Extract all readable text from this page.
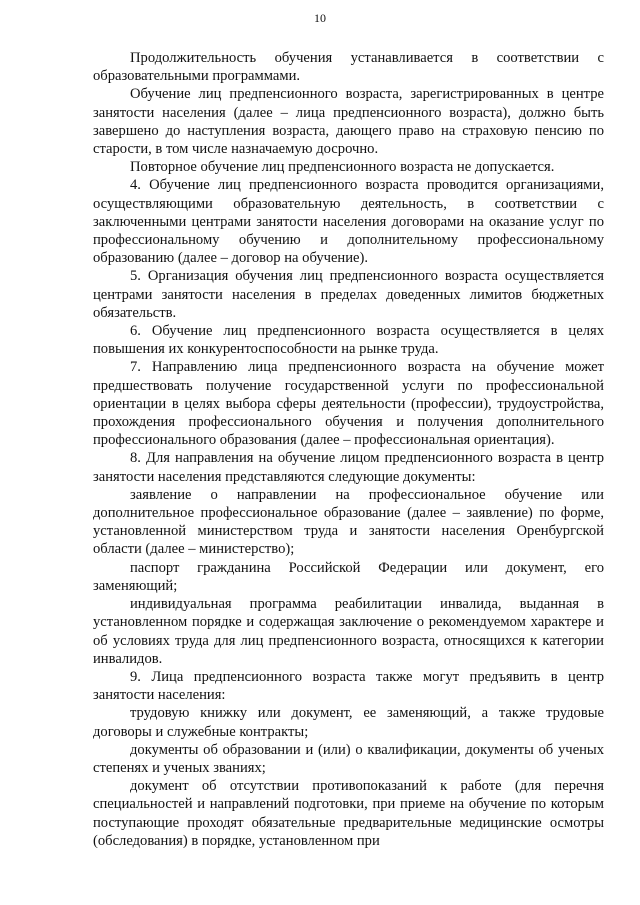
10

Продолжительность обучения устанавливается в соответствии с образовательными программами.

Обучение лиц предпенсионного возраста, зарегистрированных в центре занятости населения (далее – лица предпенсионного возраста), должно быть завершено до наступления возраста, дающего право на страховую пенсию по старости, в том числе назначаемую досрочно.

Повторное обучение лиц предпенсионного возраста не допускается.

4. Обучение лиц предпенсионного возраста проводится организациями, осуществляющими образовательную деятельность, в соответствии с заключенными центрами занятости населения договорами на оказание услуг по профессиональному обучению и дополнительному профессиональному образованию (далее – договор на обучение).

5. Организация обучения лиц предпенсионного возраста осуществляется центрами занятости населения в пределах доведенных лимитов бюджетных обязательств.

6. Обучение лиц предпенсионного возраста осуществляется в целях повышения их конкурентоспособности на рынке труда.

7. Направлению лица предпенсионного возраста на обучение может предшествовать получение государственной услуги по профессиональной ориентации в целях выбора сферы деятельности (профессии), трудоустройства, прохождения профессионального обучения и получения дополнительного профессионального образования (далее – профессиональная ориентация).

8. Для направления на обучение лицом предпенсионного возраста в центр занятости населения представляются следующие документы:

заявление о направлении на профессиональное обучение или дополнительное профессиональное образование (далее – заявление) по форме, установленной министерством труда и занятости населения Оренбургской области (далее – министерство);

паспорт гражданина Российской Федерации или документ, его заменяющий;

индивидуальная программа реабилитации инвалида, выданная в установленном порядке и содержащая заключение о рекомендуемом характере и об условиях труда для лиц предпенсионного возраста, относящихся к категории инвалидов.

9. Лица предпенсионного возраста также могут предъявить в центр занятости населения:

трудовую книжку или документ, ее заменяющий, а также трудовые договоры и служебные контракты;

документы об образовании и (или) о квалификации, документы об ученых степенях и ученых званиях;

документ об отсутствии противопоказаний к работе (для перечня специальностей и направлений подготовки, при приеме на обучение по которым поступающие проходят обязательные предварительные медицинские осмотры (обследования) в порядке, установленном при
